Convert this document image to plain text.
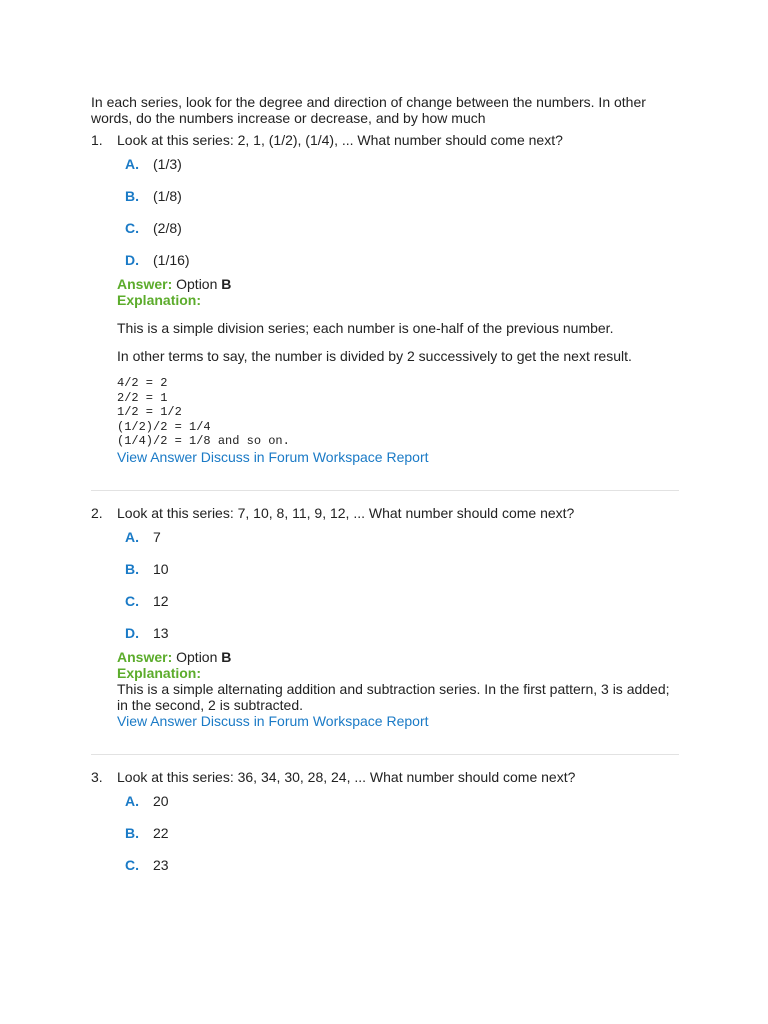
In each series, look for the degree and direction of change between the numbers. In other words, do the numbers increase or decrease, and by how much

1.	Look at this series: 2, 1, (1/2), (1/4), ... What number should come next?
A.	(1/3)
B.	(1/8)
C.	(2/8)
D.	(1/16)
Answer: Option B
Explanation:

This is a simple division series; each number is one-half of the previous number.

In other terms to say, the number is divided by 2 successively to get the next result.

4/2 = 2
2/2 = 1
1/2 = 1/2
(1/2)/2 = 1/4
(1/4)/2 = 1/8 and so on.
View Answer Discuss in Forum Workspace Report
2.	Look at this series: 7, 10, 8, 11, 9, 12, ... What number should come next?
A.	7
B.	10
C.	12
D.	13
Answer: Option B
Explanation:

This is a simple alternating addition and subtraction series. In the first pattern, 3 is added; in the second, 2 is subtracted.

View Answer Discuss in Forum Workspace Report
3.	Look at this series: 36, 34, 30, 28, 24, ... What number should come next?
A.	20
B.	22
C.	23
